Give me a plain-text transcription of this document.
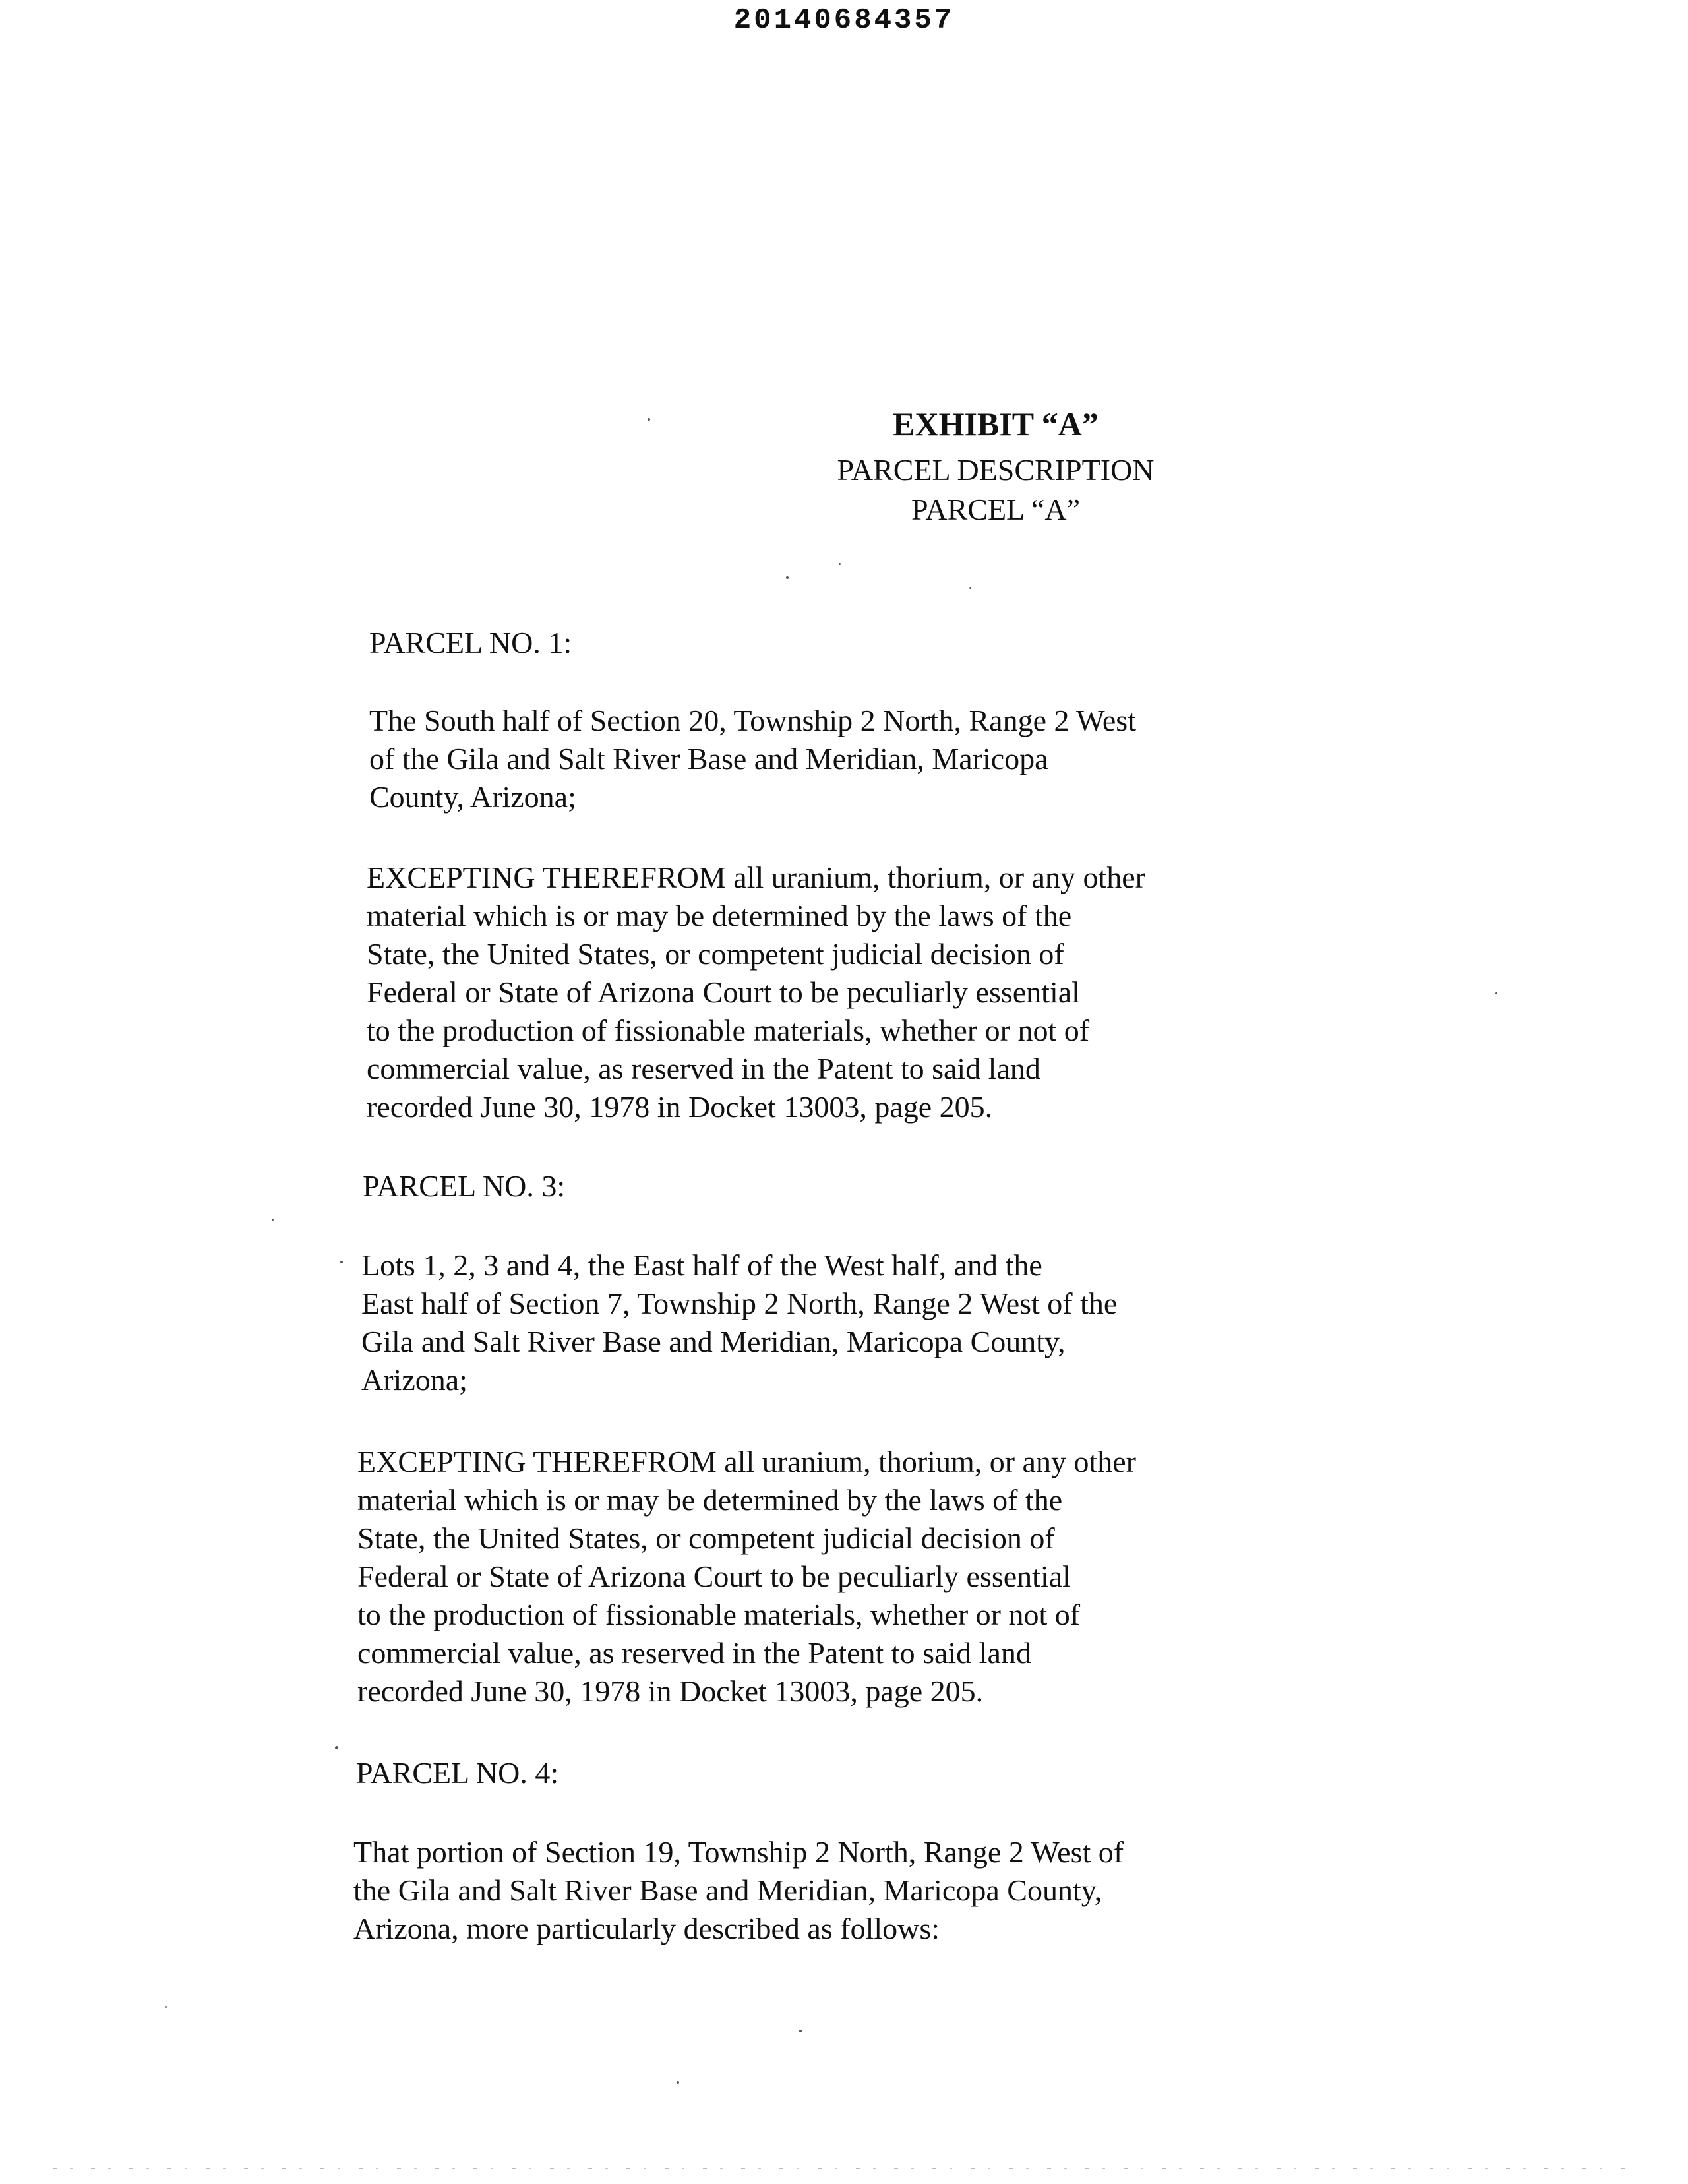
20140684357
EXHIBIT “A”
PARCEL DESCRIPTION
PARCEL “A”
PARCEL NO. 1:
The South half of Section 20, Township 2 North, Range 2 West
of the Gila and Salt River Base and Meridian, Maricopa
County, Arizona;
EXCEPTING THEREFROM all uranium, thorium, or any other
material which is or may be determined by the laws of the
State, the United States, or competent judicial decision of
Federal or State of Arizona Court to be peculiarly essential
to the production of fissionable materials, whether or not of
commercial value, as reserved in the Patent to said land
recorded June 30, 1978 in Docket 13003, page 205.
PARCEL NO. 3:
Lots 1, 2, 3 and 4, the East half of the West half, and the
East half of Section 7, Township 2 North, Range 2 West of the
Gila and Salt River Base and Meridian, Maricopa County,
Arizona;
EXCEPTING THEREFROM all uranium, thorium, or any other
material which is or may be determined by the laws of the
State, the United States, or competent judicial decision of
Federal or State of Arizona Court to be peculiarly essential
to the production of fissionable materials, whether or not of
commercial value, as reserved in the Patent to said land
recorded June 30, 1978 in Docket 13003, page 205.
PARCEL NO. 4:
That portion of Section 19, Township 2 North, Range 2 West of
the Gila and Salt River Base and Meridian, Maricopa County,
Arizona, more particularly described as follows:
